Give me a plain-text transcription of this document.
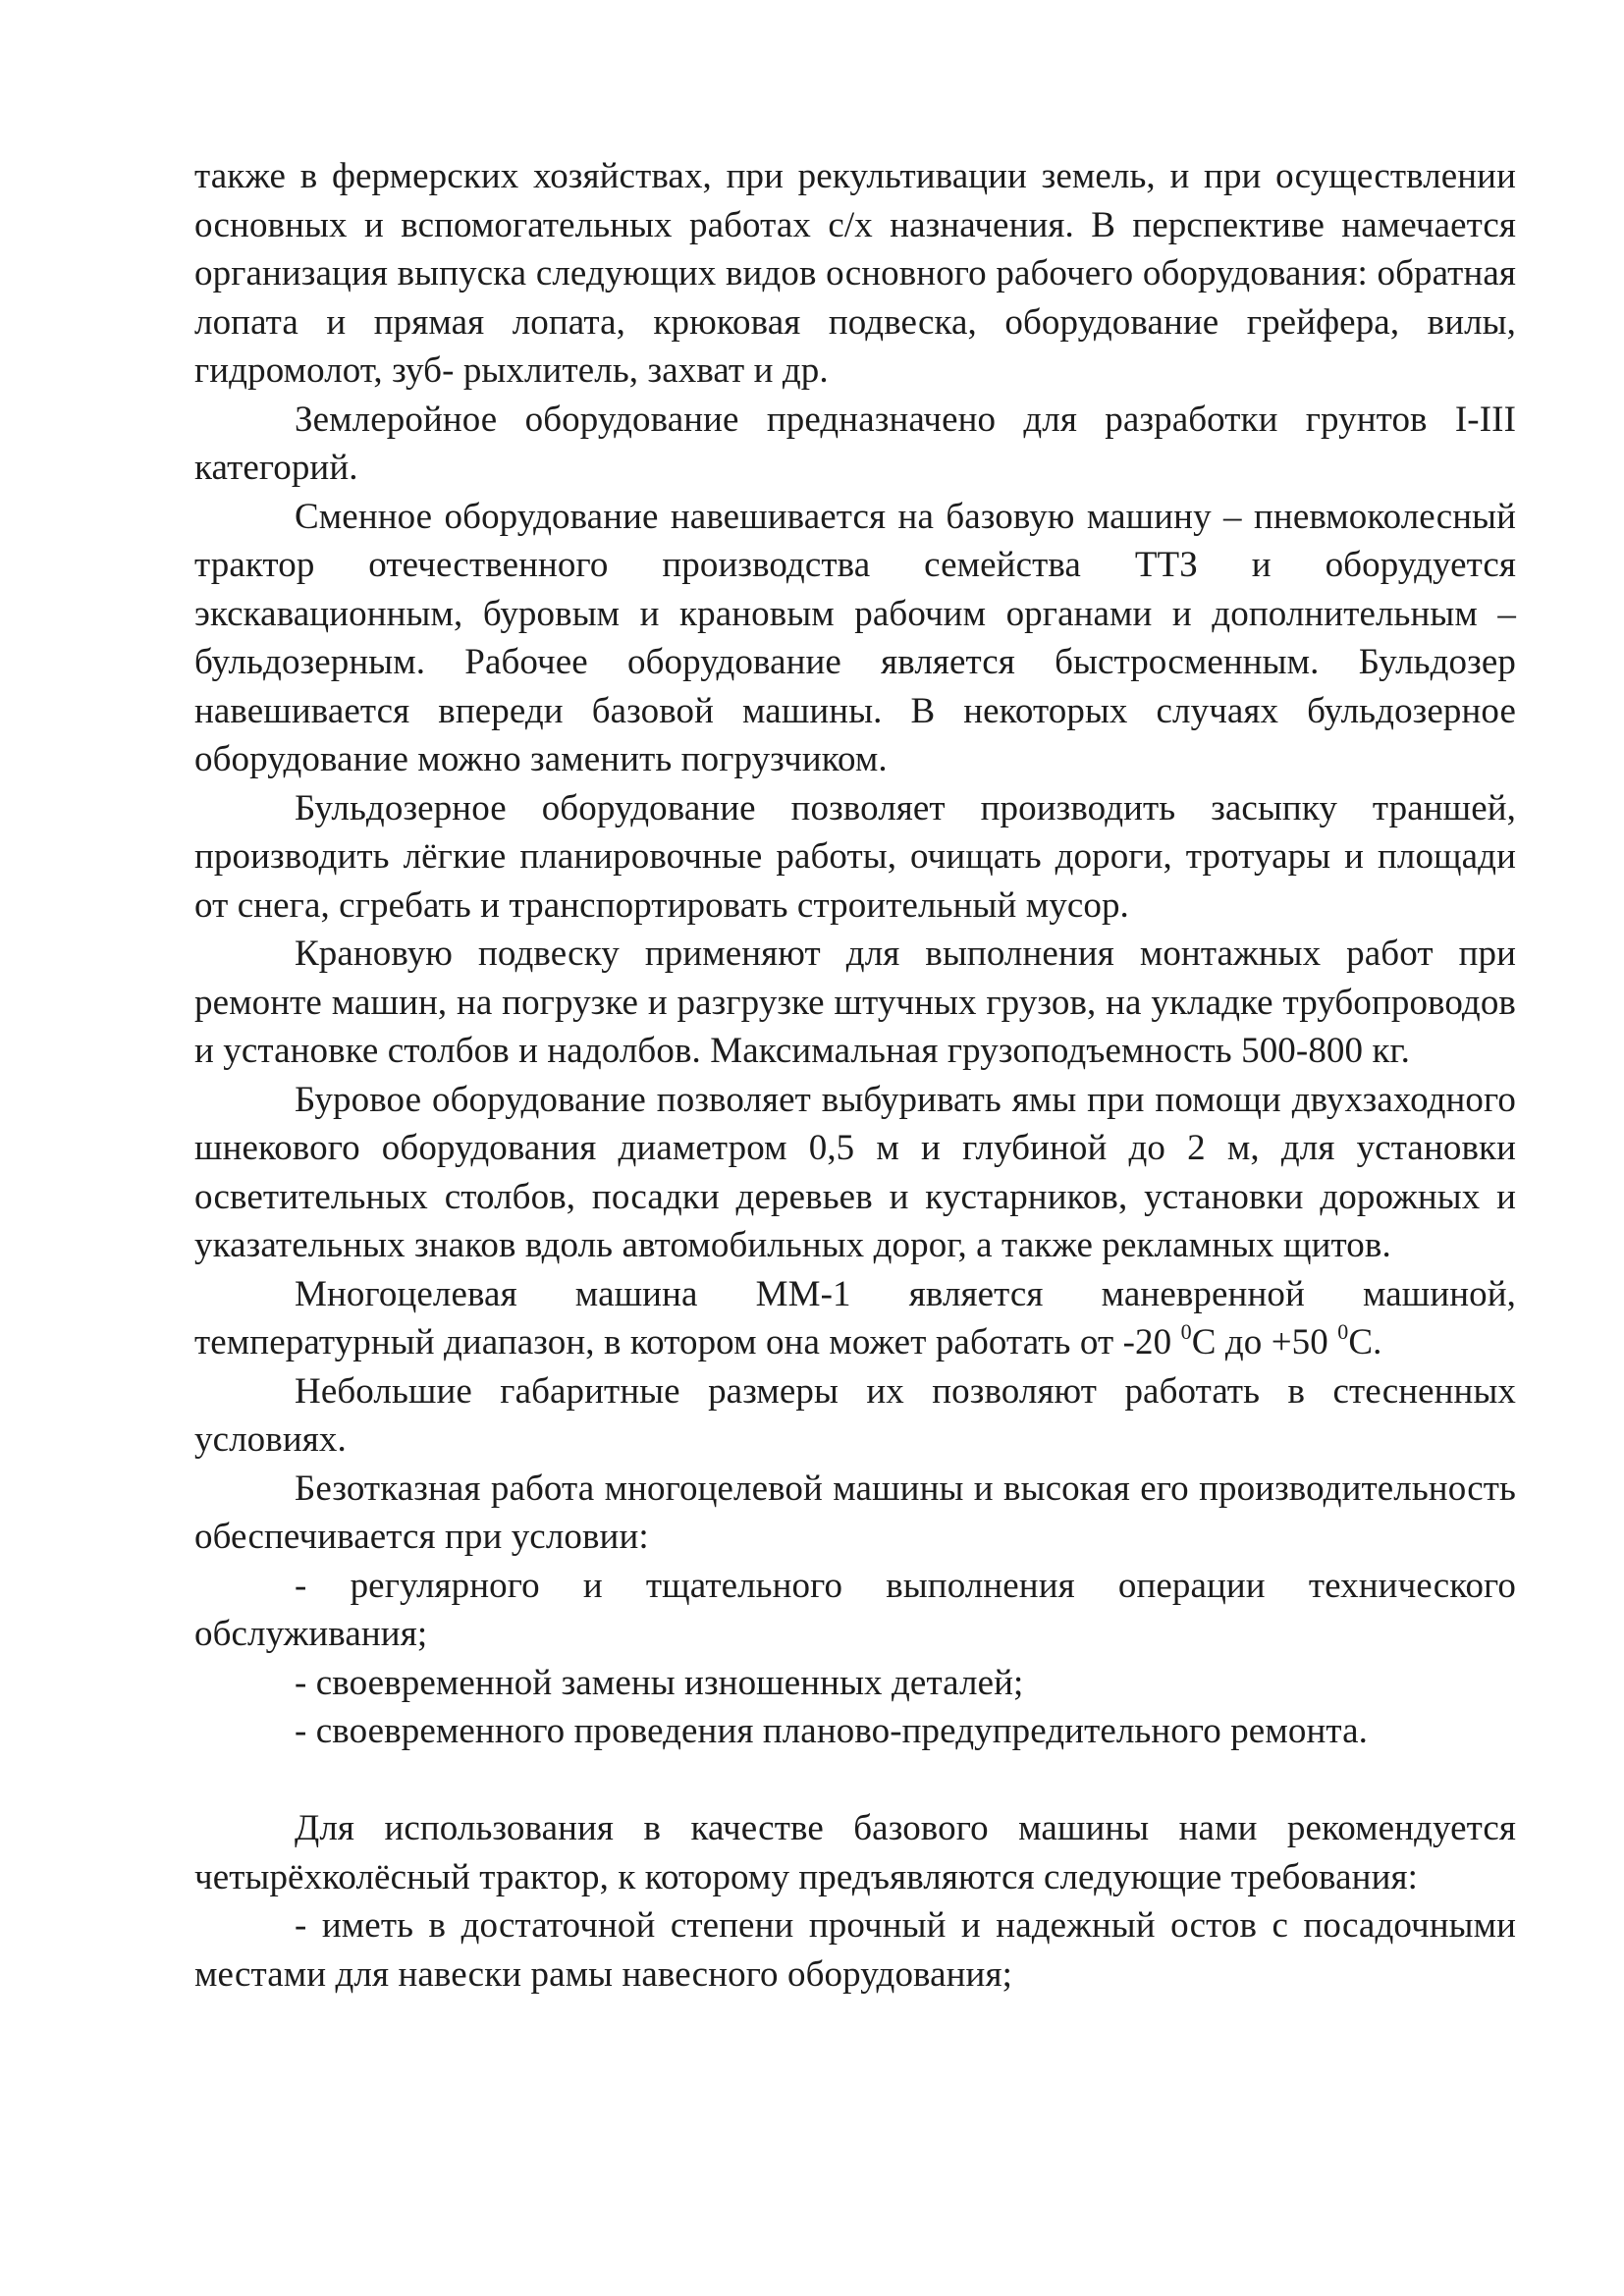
также в фермерских хозяйствах, при рекультивации земель, и при осуществлении основных и вспомогательных работах с/х назначения. В перспективе намечается организация выпуска следующих видов основного рабочего оборудования: обратная лопата и прямая лопата, крюковая подвеска, оборудование грейфера, вилы, гидромолот, зуб- рыхлитель, захват и др.

Землеройное оборудование предназначено для разработки грунтов I-III категорий.

Сменное оборудование навешивается на базовую машину – пневмоколесный трактор отечественного производства семейства ТТЗ и оборудуется экскавационным, буровым и крановым рабочим органами и дополнительным – бульдозерным. Рабочее оборудование является быстросменным. Бульдозер навешивается впереди базовой машины. В некоторых случаях бульдозерное оборудование можно заменить погрузчиком.

Бульдозерное оборудование позволяет производить засыпку траншей, производить лёгкие планировочные работы, очищать дороги, тротуары и площади от снега, сгребать и транспортировать строительный мусор.

Крановую подвеску применяют для выполнения монтажных работ при ремонте машин, на погрузке и разгрузке штучных грузов, на укладке трубопроводов и установке столбов и надолбов. Максимальная грузоподъемность 500-800 кг.

Буровое оборудование позволяет выбуривать ямы при помощи двухзаходного шнекового оборудования диаметром 0,5 м и глубиной до 2 м, для установки осветительных столбов, посадки деревьев и кустарников, установки дорожных и указательных знаков вдоль автомобильных дорог, а также рекламных щитов.

Многоцелевая машина ММ-1 является маневренной машиной, температурный диапазон, в котором она может работать от -20 $^0$С до +50 $^0$С.

Небольшие габаритные размеры их позволяют работать в стесненных условиях.

Безотказная работа многоцелевой машины и высокая его производительность обеспечивается при условии:

- регулярного и тщательного выполнения операции технического обслуживания;

- своевременной замены изношенных деталей;

- своевременного проведения планово-предупредительного ремонта.

Для использования в качестве базового машины нами рекомендуется четырёхколёсный трактор, к которому предъявляются следующие требования:

- иметь в достаточной степени прочный и надежный остов с посадочными местами для навески рамы навесного оборудования;
